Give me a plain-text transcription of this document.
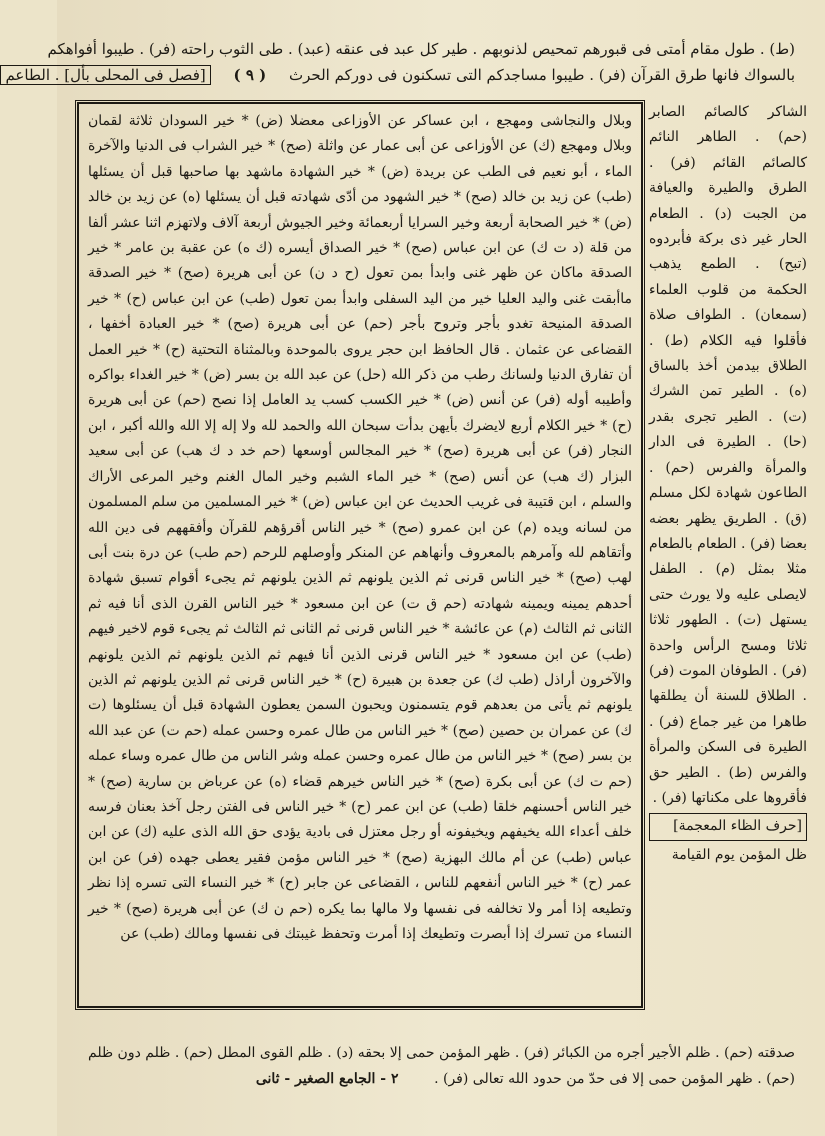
(ط) . طول مقام أمتى فى قبورهم تمحيص لذنوبهم . طير كل عبد فى عنقه (عبد) . طى الثوب راحته (فر) . طيبوا أفواهكم
بالسواك فانها طرق القرآن (فر) . طيبوا مساجدكم التى تسكنون فى دوركم الحرث ( ٩ ) [فصل فى المحلى بأل] . الطاعم

الشاكر كالصائم الصابر (حم) . الطاهر النائم كالصائم القائم (فر) . الطرق والطيرة والعيافة من الجبت (د) . الطعام الحار غير ذى بركة فأبردوه (تبح) . الطمع يذهب الحكمة من قلوب العلماء (سمعان) . الطواف صلاة فأقلوا فيه الكلام (ط) . الطلاق بيدمن أخذ بالساق (ه) . الطير تمن الشرك (ت) . الطير تجرى بقدر (حا) . الطيرة فى الدار والمرأة والفرس (حم) . الطاعون شهادة لكل مسلم (ق) . الطريق يظهر بعضه بعضا (فر) . الطعام بالطعام مثلا بمثل (م) . الطفل لايصلى عليه ولا يورث حتى يستهل (ت) . الطهور ثلاثا ثلاثا ومسح الرأس واحدة (فر) . الطوفان الموت (فر) . الطلاق للسنة أن يطلقها طاهرا من غير جماع (فر) . الطيرة فى السكن والمرأة والفرس (ط) . الطير حق فأقروها على مكناتها (فر) .

[حرف الظاء المعجمة]

ظل المؤمن يوم القيامة

وبلال والنجاشى ومهجع ، ابن عساكر عن الأوزاعى معضلا (ض) * خير السودان ثلاثة لقمان وبلال ومهجع (ك) عن الأوزاعى عن أبى عمار عن واثلة (صح) * خير الشراب فى الدنيا والآخرة الماء ، أبو نعيم فى الطب عن بريدة (ض) * خير الشهادة ماشهد بها صاحبها قبل أن يسئلها (طب) عن زيد بن خالد (صح) * خير الشهود من أدّى شهادته قبل أن يسئلها (ه) عن زيد بن خالد (ض) * خير الصحابة أربعة وخير السرايا أربعمائة وخير الجيوش أربعة آلاف ولاتهزم اثنا عشر ألفا من قلة (د ت ك) عن ابن عباس (صح) * خير الصداق أيسره (ك ه) عن عقبة بن عامر * خير الصدقة ماكان عن ظهر غنى وابدأ بمن تعول (ح د ن) عن أبى هريرة (صح) * خير الصدقة ماأبقت غنى واليد العليا خير من اليد السفلى وابدأ بمن تعول (طب) عن ابن عباس (ح) * خير الصدقة المنيحة تغدو بأجر وتروح بأجر (حم) عن أبى هريرة (صح) * خير العبادة أخفها ، القضاعى عن عثمان . قال الحافظ ابن حجر يروى بالموحدة وبالمثناة التحتية (ح) * خير العمل أن تفارق الدنيا ولسانك رطب من ذكر الله (حل) عن عبد الله بن بسر (ض) * خير الغداء بواكره وأطيبه أوله (فر) عن أنس (ض) * خير الكسب كسب يد العامل إذا نصح (حم) عن أبى هريرة (ح) * خير الكلام أربع لايضرك بأيهن بدأت سبحان الله والحمد لله ولا إله إلا الله والله أكبر ، ابن النجار (فر) عن أبى هريرة (صح) * خير المجالس أوسعها (حم خد د ك هب) عن أبى سعيد البزار (ك هب) عن أنس (صح) * خير الماء الشبم وخير المال الغنم وخير المرعى الأراك والسلم ، ابن قتيبة فى غريب الحديث عن ابن عباس (ض) * خير المسلمين من سلم المسلمون من لسانه ويده (م) عن ابن عمرو (صح) * خير الناس أقرؤهم للقرآن وأفقههم فى دين الله وأتقاهم لله وآمرهم بالمعروف وأنهاهم عن المنكر وأوصلهم للرحم (حم طب) عن درة بنت أبى لهب (صح) * خير الناس قرنى ثم الذين يلونهم ثم الذين يلونهم ثم يجىء أقوام تسبق شهادة أحدهم يمينه ويمينه شهادته (حم ق ت) عن ابن مسعود * خير الناس القرن الذى أنا فيه ثم الثانى ثم الثالث (م) عن عائشة * خير الناس قرنى ثم الثانى ثم الثالث ثم يجىء قوم لاخير فيهم (طب) عن ابن مسعود * خير الناس قرنى الذين أنا فيهم ثم الذين يلونهم ثم الذين يلونهم والآخرون أراذل (طب ك) عن جعدة بن هبيرة (ح) * خير الناس قرنى ثم الذين يلونهم ثم الذين يلونهم ثم يأتى من بعدهم قوم يتسمنون ويحبون السمن يعطون الشهادة قبل أن يسئلوها (ت ك) عن عمران بن حصين (صح) * خير الناس من طال عمره وحسن عمله (حم ت) عن عبد الله بن بسر (صح) * خير الناس من طال عمره وحسن عمله وشر الناس من طال عمره وساء عمله (حم ت ك) عن أبى بكرة (صح) * خير الناس خيرهم قضاء (ه) عن عرباض بن سارية (صح) * خير الناس أحسنهم خلقا (طب) عن ابن عمر (ح) * خير الناس فى الفتن رجل آخذ بعنان فرسه خلف أعداء الله يخيفهم ويخيفونه أو رجل معتزل فى بادية يؤدى حق الله الذى عليه (ك) عن ابن عباس (طب) عن أم مالك البهزية (صح) * خير الناس مؤمن فقير يعطى جهده (فر) عن ابن عمر (ح) * خير الناس أنفعهم للناس ، القضاعى عن جابر (ح) * خير النساء التى تسره إذا نظر وتطيعه إذا أمر ولا تخالفه فى نفسها ولا مالها بما يكره (حم ن ك) عن أبى هريرة (صح) * خير النساء من تسرك إذا أبصرت وتطيعك إذا أمرت وتحفظ غيبتك فى نفسها ومالك (طب) عن

صدقته (حم) . ظلم الأجير أجره من الكبائر (فر) . ظهر المؤمن حمى إلا بحقه (د) . ظلم القوى المطل (حم) . ظلم دون ظلم
(حم) . ظهر المؤمن حمى إلا فى حدّ من حدود الله تعالى (فر) .        ٢ - الجامع الصغير - ثانى
